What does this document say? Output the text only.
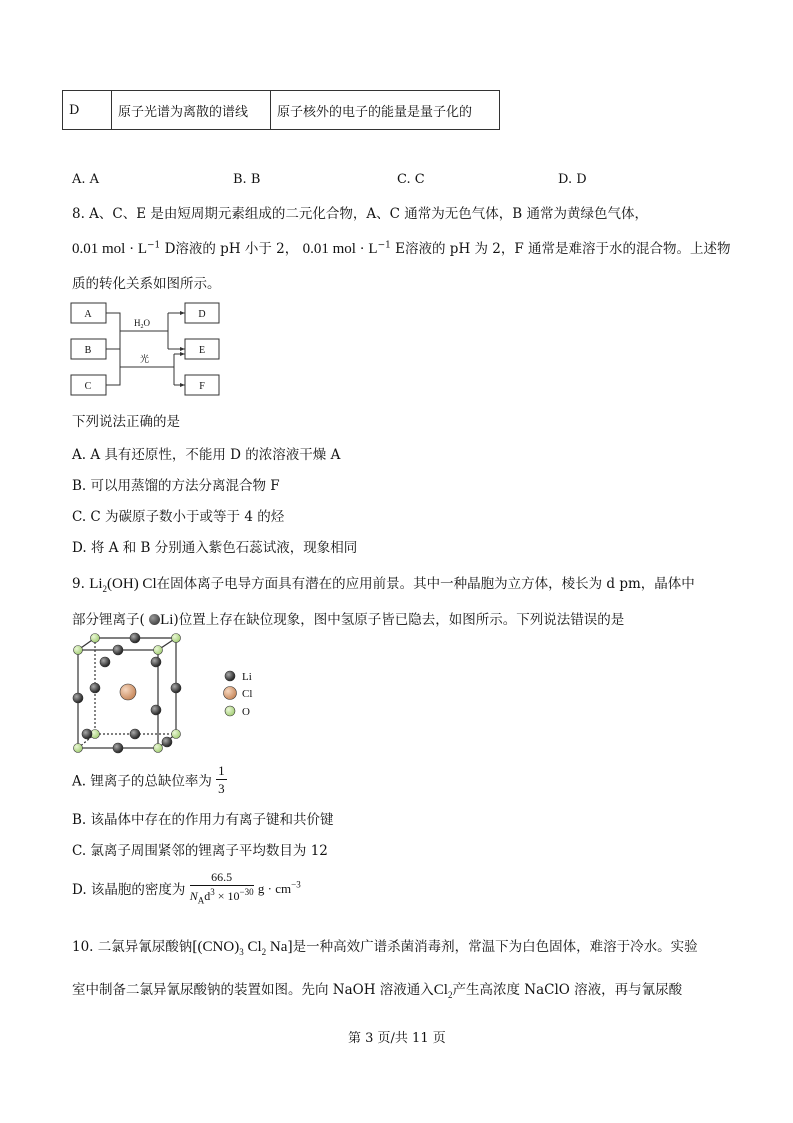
D	原子光谱为离散的谱线	原子核外的电子的能量是量子化的
A. A	B. B	C. C	D. D
8. A、C、E 是由短周期元素组成的二元化合物，A、C 通常为无色气体，B 通常为黄绿色气体，
0.01 mol · $L^{-1}$ D溶液的 pH 小于 2， 0.01 mol · $L^{-1}$ E溶液的 pH 为 2，F 通常是难溶于水的混合物。上述物
质的转化关系如图所示。
A
B
C
D
E
F
$H_2O$
光
下列说法正确的是
A. A 具有还原性，不能用 D 的浓溶液干燥 A
B. 可以用蒸馏的方法分离混合物 F
C. C 为碳原子数小于或等于 4 的烃
D. 将 A 和 B 分别通入紫色石蕊试液，现象相同
9. $Li_2(OH)$ Cl在固体离子电导方面具有潜在的应用前景。其中一种晶胞为立方体，棱长为 d pm，晶体中
部分锂离子( Li)位置上存在缺位现象，图中氢原子皆已隐去，如图所示。下列说法错误的是
Li
Cl
O
A. 锂离子的总缺位率为 $\frac{1}{3}$
B. 该晶体中存在的作用力有离子键和共价键
C. 氯离子周围紧邻的锂离子平均数目为 12
D. 该晶胞的密度为 $\frac{66.5}{N_Ad^3 \times 10^{-30}}$ $g \cdot cm^{-3}$
10. 二氯异氰尿酸钠[$(CNO)_3$ $Cl_2$ Na]是一种高效广谱杀菌消毒剂，常温下为白色固体，难溶于冷水。实验
室中制备二氯异氰尿酸钠的装置如图。先向 NaOH 溶液通入$Cl_2$产生高浓度 NaClO 溶液，再与氰尿酸
第 3 页/共 11 页
